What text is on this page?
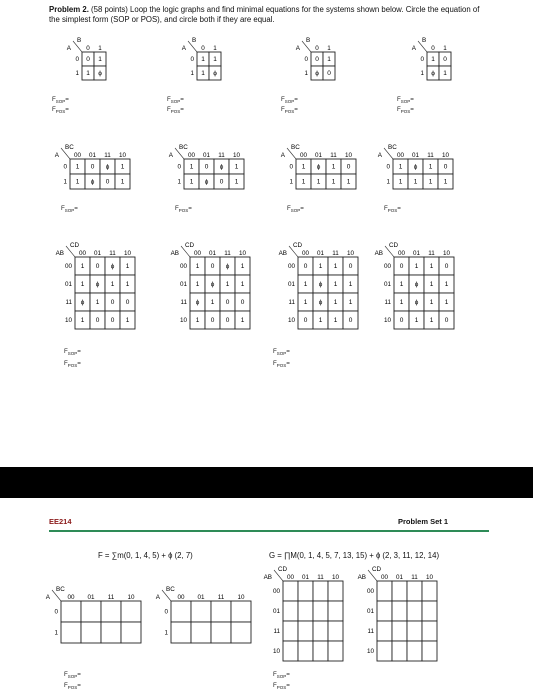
Problem 2. (58 points) Loop the logic graphs and find minimal equations for the systems shown below. Circle the equation of the simplest form (SOP or POS), and circle both if they are equal.
A
B
0 1
0 0 1
1 1 ɸ
$F_{SOP}=$
$F_{POS}=$
A
B
0 1
0 1 1
1 1 ɸ
$F_{SOP}=$
$F_{POS}=$
A
B
0 1
0 0 1
1 ɸ 0
$F_{SOP}=$
$F_{POS}=$
A
B
0 1
0 1 0
1 ɸ 1
$F_{SOP}=$
$F_{POS}=$
A
BC
00 01 11 10
0 1 0 ɸ 1
1 1 ɸ 0 1
$F_{SOP}=$
A
BC
00 01 11 10
0 1 0 ɸ 1
1 1 ɸ 0 1
$F_{POS}=$
A
BC
00 01 11 10
0 1 ɸ 1 0
1 1 1 1 1
$F_{SOP}=$
A
BC
00 01 11 10
0 1 ɸ 1 0
1 1 1 1 1
$F_{POS}=$
AB
CD
00 01 11 10
00 1 0 ɸ 1
01 1 ɸ 1 1
11 ɸ 1 0 0
10 1 0 0 1
AB
CD
00 01 11 10
00 1 0 ɸ 1
01 1 ɸ 1 1
11 ɸ 1 0 0
10 1 0 0 1
AB
CD
00 01 11 10
00 0 1 1 0
01 1 ɸ 1 1
11 1 ɸ 1 1
10 0 1 1 0
AB
CD
00 01 11 10
00 0 1 1 0
01 1 ɸ 1 1
11 1 ɸ 1 1
10 0 1 1 0
$F_{SOP}=$
$F_{POS}=$
$F_{SOP}=$
$F_{POS}=$
EE214	Problem Set 1
F = ∑m(0, 1, 4, 5) + ɸ (2, 7)	G = ∏M(0, 1, 4, 5, 7, 13, 15) + ɸ (2, 3, 11, 12, 14)
A
BC
00 01 11 10
0
1
A
BC
00 01 11 10
0
1
AB
CD
00 01 11 10
00
01
11
10
AB
CD
00 01 11 10
00
01
11
10
$F_{SOP}=$
$F_{POS}=$
$F_{SOP}=$
$F_{POS}=$
